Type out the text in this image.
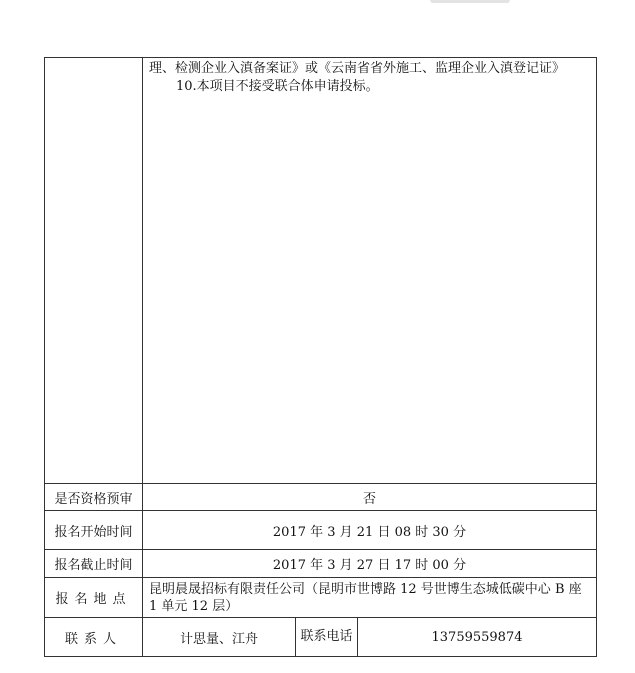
	理、检测企业入滇备案证》或《云南省省外施工、监理企业入滇登记证》
10.本项目不接受联合体申请投标。		

是否资格预审	否		
报名开始时间	2017 年 3 月 21 日 08 时 30 分		
报名截止时间	2017 年 3 月 27 日 17 时 00 分		
报名地点	昆明晨晟招标有限责任公司（昆明市世博路 12 号世博生态城低碳中心 B 座 1 单元 12 层）		
联系人	计思量、江舟	联系电话	13759559874
